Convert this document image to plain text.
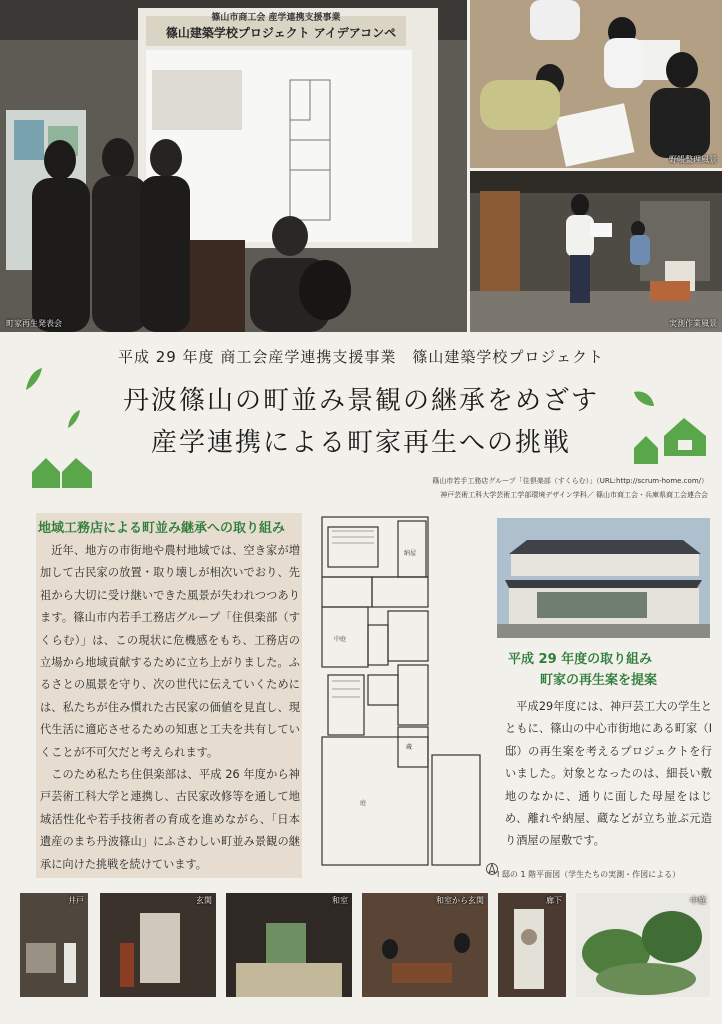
篠山市商工会 産学連携支援事業
篠山建築学校プロジェクト アイデアコンペ
町家再生発表会
野帳整理風景
実測作業風景
平成 29 年度 商工会産学連携支援事業　篠山建築学校プロジェクト
丹波篠山の町並み景観の継承をめざす
産学連携による町家再生への挑戦
篠山市若手工務店グループ「住倶楽部（すくらむ）」（URL:http://scrum-home.com/）
神戸芸術工科大学芸術工学部環境デザイン学科／ 篠山市商工会・兵庫県商工会連合会
地域工務店による町並み継承への取り組み

近年、地方の市街地や農村地域では、空き家が増加して古民家の放置・取り壊しが相次いでおり、先祖から大切に受け継いできた風景が失われつつあります。篠山市内若手工務店グループ「住倶楽部（すくらむ）」は、この現状に危機感をもち、工務店の立場から地域貢献するために立ち上がりました。ふるさとの風景を守り、次の世代に伝えていくためには、私たちが住み慣れた古民家の価値を見直し、現代生活に適応させるための知恵と工夫を共有していくことが不可欠だと考えられます。

このため私たち住倶楽部は、平成 26 年度から神戸芸術工科大学と連携し、古民家改修等を通して地域活性化や若手技術者の育成を進めながら、「日本遺産のまち丹波篠山」にふさわしい町並み景観の継承に向けた挑戦を続けています。

納屋
中庭
蔵
庭
I 邸の 1 階平面図（学生たちの実測・作図による）
平成 29 年度の取り組み
町家の再生案を提案

平成29年度には、神戸芸工大の学生とともに、篠山の中心市街地にある町家（I 邸）の再生案を考えるプロジェクトを行いました。対象となったのは、細長い敷地のなかに、通りに面した母屋をはじめ、離れや納屋、蔵などが立ち並ぶ元造り酒屋の屋敷です。

井戸	玄関	和室	和室から玄関	廊下	中庭
